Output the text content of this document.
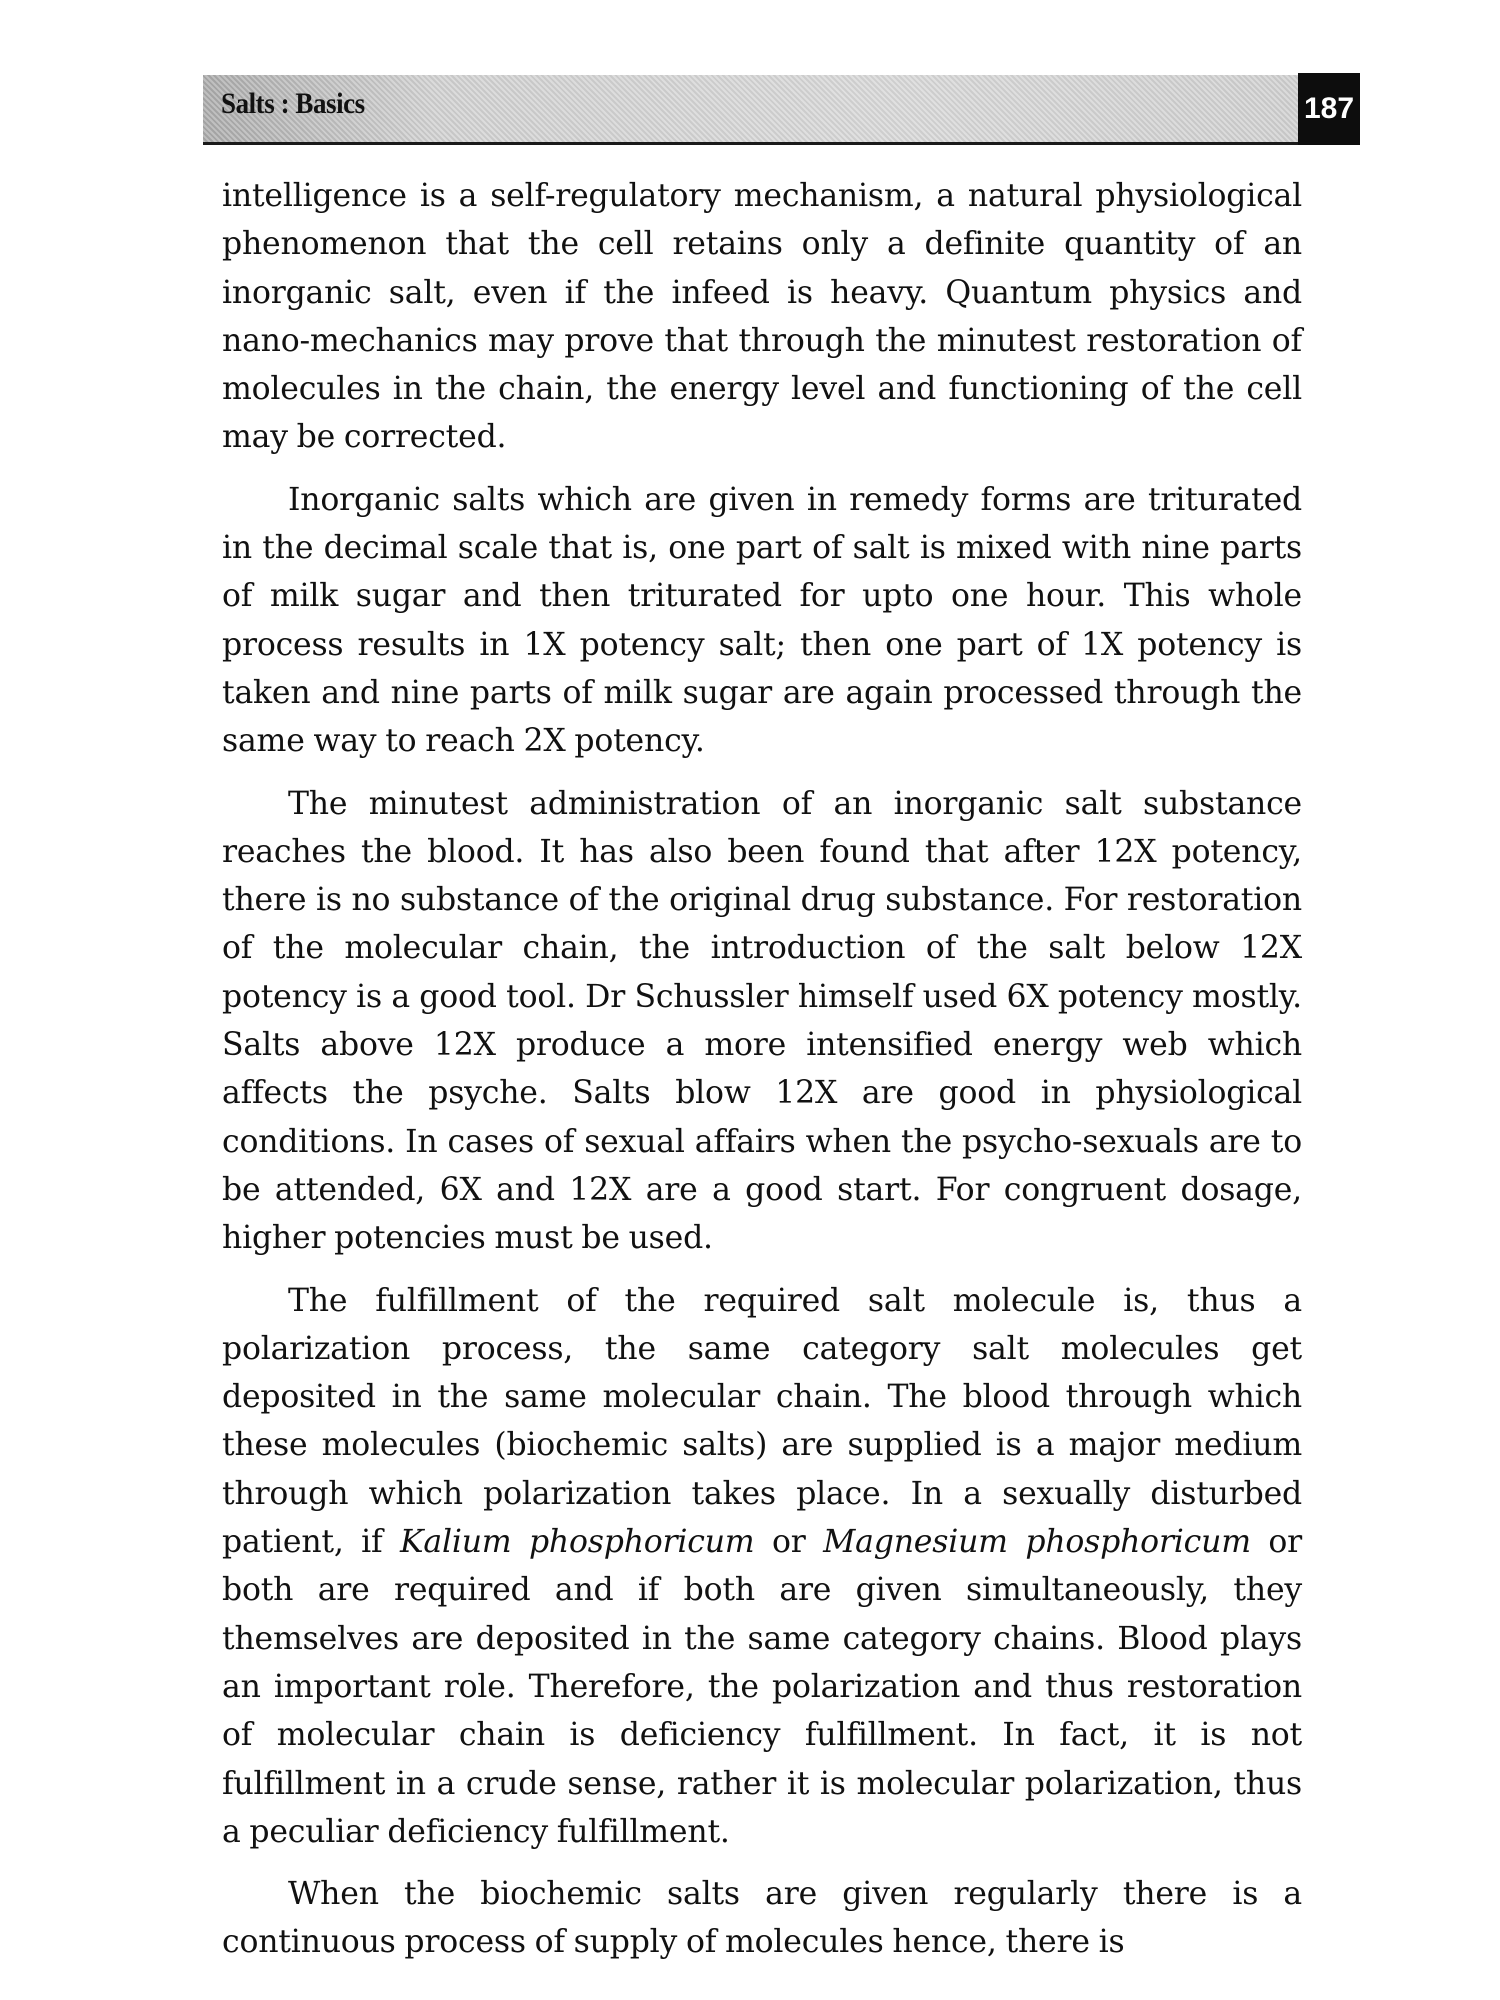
Salts : Basics	187

intelligence is a self-regulatory mechanism, a natural physiological phenomenon that the cell retains only a definite quantity of an inorganic salt, even if the infeed is heavy. Quantum physics and nano-mechanics may prove that through the minutest restoration of molecules in the chain, the energy level and functioning of the cell may be corrected.

Inorganic salts which are given in remedy forms are triturated in the decimal scale that is, one part of salt is mixed with nine parts of milk sugar and then triturated for upto one hour. This whole process results in 1X potency salt; then one part of 1X potency is taken and nine parts of milk sugar are again processed through the same way to reach 2X potency.

The minutest administration of an inorganic salt substance reaches the blood. It has also been found that after 12X potency, there is no substance of the original drug substance. For restoration of the molecular chain, the introduction of the salt below 12X potency is a good tool. Dr Schussler himself used 6X potency mostly. Salts above 12X produce a more intensified energy web which affects the psyche. Salts blow 12X are good in physiological conditions. In cases of sexual affairs when the psycho-sexuals are to be attended, 6X and 12X are a good start. For congruent dosage, higher potencies must be used.

The fulfillment of the required salt molecule is, thus a polarization process, the same category salt molecules get deposited in the same molecular chain. The blood through which these molecules (biochemic salts) are supplied is a major medium through which polarization takes place. In a sexually disturbed patient, if Kalium phosphoricum or Magnesium phosphoricum or both are required and if both are given simultaneously, they themselves are deposited in the same category chains. Blood plays an important role. Therefore, the polarization and thus restoration of molecular chain is deficiency fulfillment. In fact, it is not fulfillment in a crude sense, rather it is molecular polarization, thus a peculiar deficiency fulfillment.

When the biochemic salts are given regularly there is a continuous process of supply of molecules hence, there is
